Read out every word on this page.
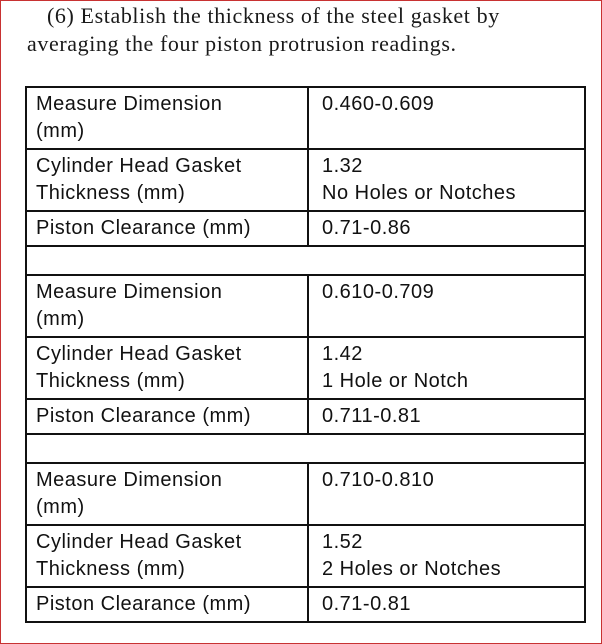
(6) Establish the thickness of the steel gasket by
averaging the four piston protrusion readings.
Measure Dimension
(mm)	0.460-0.609

Cylinder Head Gasket
Thickness (mm)	1.32
No Holes or Notches

Piston Clearance (mm)	0.71-0.86

Measure Dimension
(mm)	0.610-0.709

Cylinder Head Gasket
Thickness (mm)	1.42
1 Hole or Notch

Piston Clearance (mm)	0.711-0.81

Measure Dimension
(mm)	0.710-0.810

Cylinder Head Gasket
Thickness (mm)	1.52
2 Holes or Notches

Piston Clearance (mm)	0.71-0.81
